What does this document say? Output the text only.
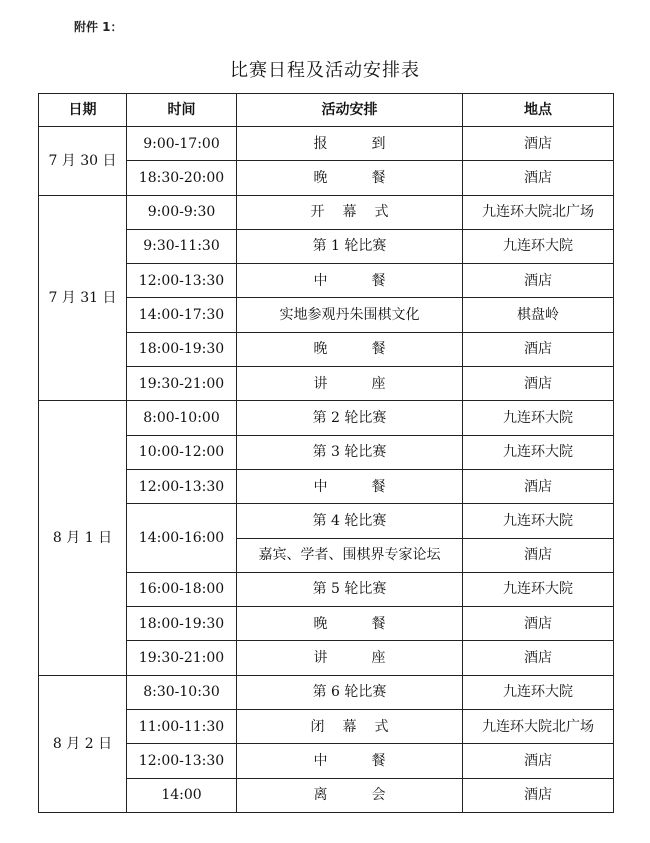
附件 1：
比赛日程及活动安排表
日期	时间	活动安排	地点
7 月 30 日	9:00-17:00	报到	酒店
	18:30-20:00	晚餐	酒店
7 月 31 日	9:00-9:30	开幕式	九连环大院北广场
	9:30-11:30	第 1 轮比赛	九连环大院
	12:00-13:30	中餐	酒店
	14:00-17:30	实地参观丹朱围棋文化	棋盘岭
	18:00-19:30	晚餐	酒店
	19:30-21:00	讲座	酒店
8 月 1 日	8:00-10:00	第 2 轮比赛	九连环大院
	10:00-12:00	第 3 轮比赛	九连环大院
	12:00-13:30	中餐	酒店
	14:00-16:00	第 4 轮比赛	九连环大院
		嘉宾、学者、围棋界专家论坛	酒店
	16:00-18:00	第 5 轮比赛	九连环大院
	18:00-19:30	晚餐	酒店
	19:30-21:00	讲座	酒店
8 月 2 日	8:30-10:30	第 6 轮比赛	九连环大院
	11:00-11:30	闭幕式	九连环大院北广场
	12:00-13:30	中餐	酒店
	14:00	离会	酒店
